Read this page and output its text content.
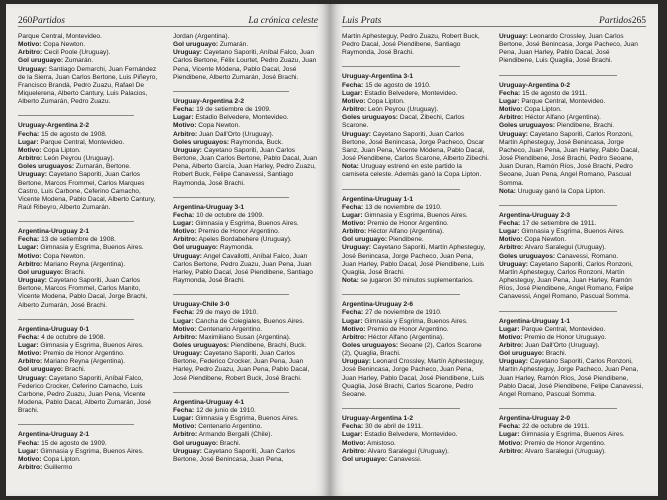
260Partidos	La crónica celeste
Parque Central, Montevideo.
Motivo: Copa Newton.
Arbitro: Cecil Poole (Uruguay).
Gol uruguayo: Zumarán.
Uruguay: Santiago Demarchi, Juan Fernández de la Sierra, Juan Carlos Bertone, Luis Piñeyro, Francisco Brandá, Pedro Zuazu, Rafael De Miquelerena, Alberto Cantury, Luis Palacios, Alberto Zumarán, Pedro Zuazu.
Uruguay-Argentina 2-2
Fecha: 15 de agosto de 1908.
Lugar: Parque Central, Montevideo.
Motivo: Copa Lipton.
Arbitro: León Peyrou (Uruguay).
Goles uruguayos: Zumarán, Bertone.
Uruguay: Cayetano Saporiti, Juan Carlos Bertone, Marcos Frommel, Carlos Marques Castro, Luis Carbone, Ceferino Camacho, Vicente Modena, Pablo Dacal, Alberto Cantury, Raúl Ribeyro, Alberto Zumarán.
Argentina-Uruguay 2-1
Fecha: 13 de setiembre de 1908.
Lugar: Gimnasia y Esgrima, Buenos Aires.
Motivo: Copa Newton.
Arbitro: Mariano Reyna (Argentina).
Gol uruguayo: Brachi.
Uruguay: Cayetano Saporiti, Juan Carlos Bertone, Marcos Frommel, Carlos Manito, Vicente Modena, Pablo Dacal, Jorge Brachi, Alberto Zumarán, José Brachi.
Argentina-Uruguay 0-1
Fecha: 4 de octubre de 1908.
Lugar: Gimnasia y Esgrima, Buenos Aires.
Motivo: Premio de Honor Argentino.
Arbitro: Mariano Reyna (Argentina).
Gol uruguayo: Brachi.
Uruguay: Cayetano Saporiti, Aníbal Falco, Federico Crocker, Ceferino Camacho, Luis Carbone, Pedro Zuazu, Juan Pena, Vicente Modena, Pablo Dacal, Alberto Zumarán, José Brachi.
Argentina-Uruguay 2-1
Fecha: 15 de agosto de 1909.
Lugar: Gimnasia y Esgrima, Buenos Aires.
Motivo: Copa Lipton.
Arbitro: Guillermo
Jordan (Argentina).
Gol uruguayo: Zumarán.
Uruguay: Cayetano Saporiti, Aníbal Falco, Juan Carlos Bertone, Félix Lourtet, Pedro Zuazu, Juan Pena, Vicente Módena, Pablo Dacal, José Piendibene, Alberto Zumarán, José Brachi.
Uruguay-Argentina 2-2
Fecha: 19 de setiembre de 1909.
Lugar: Estadio Belvedere, Montevideo.
Motivo: Copa Newton.
Arbitro: Juan Dall'Orto (Uruguay).
Goles uruguayos: Raymonda, Buck.
Uruguay: Cayetano Saporiti, Juan Carlos Bertone, Juan Carlos Bertone, Pablo Dacal, Juan Pena, Alberto García, Juan Harley, Pedro Zuazu, Robert Buck, Felipe Canavessi, Santiago Raymonda, José Brachi.
Argentina-Uruguay 3-1
Fecha: 10 de octubre de 1909.
Lugar: Gimnasia y Esgrima, Buenos Aires.
Motivo: Premio de Honor Argentino.
Arbitro: Apeles Bordabehere (Uruguay).
Gol uruguayo: Raymonda.
Uruguay: Angel Cavallotti, Aníbal Falco, Juan Carlos Bertone, Pedro Zuazu, Juan Pena, Juan Harley, Pablo Dacal, José Piendibene, Santiago Raymonda, José Brachi.
Uruguay-Chile 3-0
Fecha: 29 de mayo de 1910.
Lugar: Cancha de Colegiales, Buenos Aires.
Motivo: Centenario Argentino.
Arbitro: Maximiliano Susan (Argentina).
Goles uruguayos: Piendibene, Brachi, Buck.
Uruguay: Cayetano Saporiti, Juan Carlos Bertone, Federico Crocker, Juan Pena, Juan Harley, Pedro Zuazu, Juan Pena, Pablo Dacal, José Piendibene, Robert Buck, José Brachi.
Argentina-Uruguay 4-1
Fecha: 12 de junio de 1910.
Lugar: Gimnasia y Esgrima, Buenos Aires.
Motivo: Centenario Argentino.
Arbitro: Armando Bergalli (Chile).
Gol uruguayo: Brachi.
Uruguay: Cayetano Saporiti, Juan Carlos Bertone, José Benincasa, Juan Pena,
Luis Prats	Partidos265
Martín Aphesteguy, Pedro Zuazu, Robert Buck, Pedro Dacal, José Piendibene, Santiago Raymonda, José Brachi.
Uruguay-Argentina 3-1
Fecha: 15 de agosto de 1910.
Lugar: Estadio Belvedere, Montevideo.
Motivo: Copa Lipton.
Arbitro: León Peyrou (Uruguay).
Goles uruguayos: Dacal, Zibechi, Carlos Scarone.
Uruguay: Cayetano Saporiti, Juan Carlos Bertone, José Benincasa, Jorge Pacheco, Oscar Sanz, Juan Pena, Vicente Módena, Pablo Dacal, José Piendibene, Carlos Scarone, Alberto Zibechi.
Nota: Uruguay estrenó en este partido la camiseta celeste. Además ganó la Copa Lipton.
Argentina-Uruguay 1-1
Fecha: 13 de noviembre de 1910.
Lugar: Gimnasia y Esgrima, Buenos Aires.
Motivo: Premio de Honor Argentino.
Arbitro: Héctor Alfano (Argentina).
Gol uruguayo: Piendibene.
Uruguay: Cayetano Saporiti, Martín Aphesteguy, José Benincasa, Jorge Pacheco, Juan Pena, Juan Harley, Pablo Dacal, José Piendibene, Luis Quaglia, José Brachi.
Nota: se jugaron 30 minutos suplementarios.
Argentina-Uruguay 2-6
Fecha: 27 de noviembre de 1910.
Lugar: Gimnasia y Esgrima, Buenos Aires.
Motivo: Premio de Honor Argentino.
Arbitro: Héctor Alfano (Argentina).
Goles uruguayos: Seoane (2), Carlos Scarone (2), Quaglia, Brachi.
Uruguay: Leonard Crossley, Martín Aphesteguy, José Benincasa, Jorge Pacheco, Juan Pena, Juan Harley, Pablo Dacal, José Piendibene, Luis Quaglia, José Brachi, Carlos Scarone, Pedro Seoane.
Uruguay-Argentina 1-2
Fecha: 30 de abril de 1911.
Lugar: Estadio Belvedere, Montevideo.
Motivo: Amistoso.
Arbitro: Alvaro Saralegui (Uruguay).
Gol uruguayo: Canavessi.
Uruguay: Leonardo Crossley, Juan Carlos Bertone, José Benincasa, Jorge Pacheco, Juan Pena, Juan Harley, Pablo Dacal, José Piendibene, Luis Quaglia, José Brachi.
Uruguay-Argentina 0-2
Fecha: 15 de agosto de 1911.
Lugar: Parque Central, Montevideo.
Motivo: Copa Lipton.
Arbitro: Héctor Alfano (Argentina).
Goles uruguayos: Piendibene, Brachi.
Uruguay: Cayetano Saporiti, Carlos Ronzoni, Martín Aphesteguy, José Benincasa, Jorge Pacheco, Juan Pena, Juan Harley, Pablo Dacal, José Piendibene, José Brachi, Pedro Seoane, Juan Duran, Ramón Ríos, José Brachi, Pedro Seoane, Juan Pena, Angel Romano, Pascual Somma.
Nota: Uruguay ganó la Copa Lipton.
Argentina-Uruguay 2-3
Fecha: 17 de setiembre de 1911.
Lugar: Gimnasia y Esgrima, Buenos Aires.
Motivo: Copa Newton.
Arbitro: Alvaro Saralegui (Uruguay).
Goles uruguayos: Canavessi, Romano.
Uruguay: Cayetano Saporiti, Carlos Ronzoni, Martín Aphesteguy, Carlos Ronzoni, Martín Aphesteguy, Juan Pena, Juan Harley, Ramón Ríos, José Piendibene, Angel Romano, Felipe Canavessi, Angel Romano, Pascual Somma.
Argentina-Uruguay 1-1
Lugar: Parque Central, Montevideo.
Motivo: Premio de Honor Uruguayo.
Arbitro: Juan Dall'Orto (Uruguay).
Gol uruguayo: Brachi.
Uruguay: Cayetano Saporiti, Carlos Ronzoni, Martín Aphesteguy, Jorge Pacheco, Juan Pena, Juan Harley, Ramón Ríos, José Piendibene, Pablo Dacal, José Piendibene, Felipe Canavessi, Angel Romano, Pascual Somma.
Argentina-Uruguay 2-0
Fecha: 22 de octubre de 1911.
Lugar: Gimnasia y Esgrima, Buenos Aires.
Motivo: Premio de Honor Argentino.
Arbitro: Alvaro Saralegui (Uruguay).
